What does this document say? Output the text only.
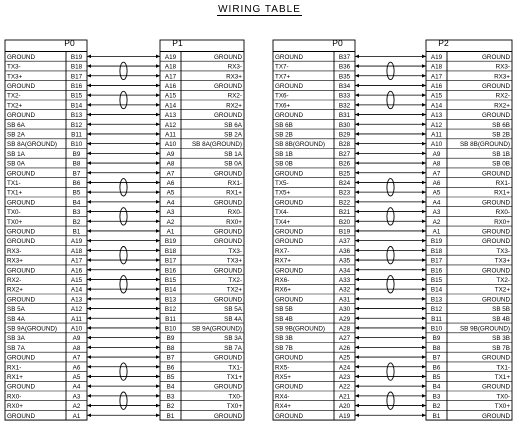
WIRING TABLE
P0	P1
GROUND	B19	A19	GROUND
TX3-	B18	A18	RX3-
TX3+	B17	A17	RX3+
GROUND	B16	A16	GROUND
TX2-	B15	A15	RX2-
TX2+	B14	A14	RX2+
GROUND	B13	A13	GROUND
SB 6A	B12	A12	SB 6A
SB 2A	B11	A11	SB 2A
SB 8A(GROUND) B10	A10	SB 8A(GROUND)
SB 1A	B9	A9	SB 1A
SB 0A	B8	A8	SB 0A
GROUND	B7	A7	GROUND
TX1-	B6	A6	RX1-
TX1+	B5	A5	RX1+
GROUND	B4	A4	GROUND
TX0-	B3	A3	RX0-
TX0+	B2	A2	RX0+
GROUND	B1	A1	GROUND
GROUND	A19	B19	GROUND
RX3-	A18	B18	TX3-
RX3+	A17	B17	TX3+
GROUND	A16	B16	GROUND
RX2-	A15	B15	TX2-
RX2+	A14	B14	TX2+
GROUND	A13	B13	GROUND
SB 5A	A12	B12	SB 5A
SB 4A	A11	B11	SB 4A
SB 9A(GROUND) A10	B10	SB 9A(GROUND)
SB 3A	A9	B9	SB 3A
SB 7A	A8	B8	SB 7A
GROUND	A7	B7	GROUND
RX1-	A6	B6	TX1-
RX1+	A5	B5	TX1+
GROUND	A4	B4	GROUND
RX0-	A3	B3	TX0-
RX0+	A2	B2	TX0+
GROUND	A1	B1	GROUND
P0	P2
GROUND	B37	A19	GROUND
TX7-	B36	A18	RX3-
TX7+	B35	A17	RX3+
GROUND	B34	A16	GROUND
TX6-	B33	A15	RX2-
TX6+	B32	A14	RX2+
GROUND	B31	A13	GROUND
SB 6B	B30	A12	SB 6B
SB 2B	B29	A11	SB 2B
SB 8B(GROUND) B28	A10	SB 8B(GROUND)
SB 1B	B27	A9	SB 1B
SB 0B	B26	A8	SB 0B
GROUND	B25	A7	GROUND
TX5-	B24	A6	RX1-
TX5+	B23	A5	RX1+
GROUND	B22	A4	GROUND
TX4-	B21	A3	RX0-
TX4+	B20	A2	RX0+
GROUND	B19	A1	GROUND
GROUND	A37	B19	GROUND
RX7-	A36	B18	TX3-
RX7+	A35	B17	TX3+
GROUND	A34	B16	GROUND
RX6-	A33	B15	TX2-
RX6+	A32	B14	TX2+
GROUND	A31	B13	GROUND
SB 5B	A30	B12	SB 5B
SB 4B	A29	B11	SB 4B
SB 9B(GROUND) A28	B10	SB 9B(GROUND)
SB 3B	A27	B9	SB 3B
SB 7B	A26	B8	SB 7B
GROUND	A25	B7	GROUND
RX5-	A24	B6	TX1-
RX5+	A23	B5	TX1+
GROUND	A22	B4	GROUND
RX4-	A21	B3	TX0-
RX4+	A20	B2	TX0+
GROUND	A19	B1	GROUND
